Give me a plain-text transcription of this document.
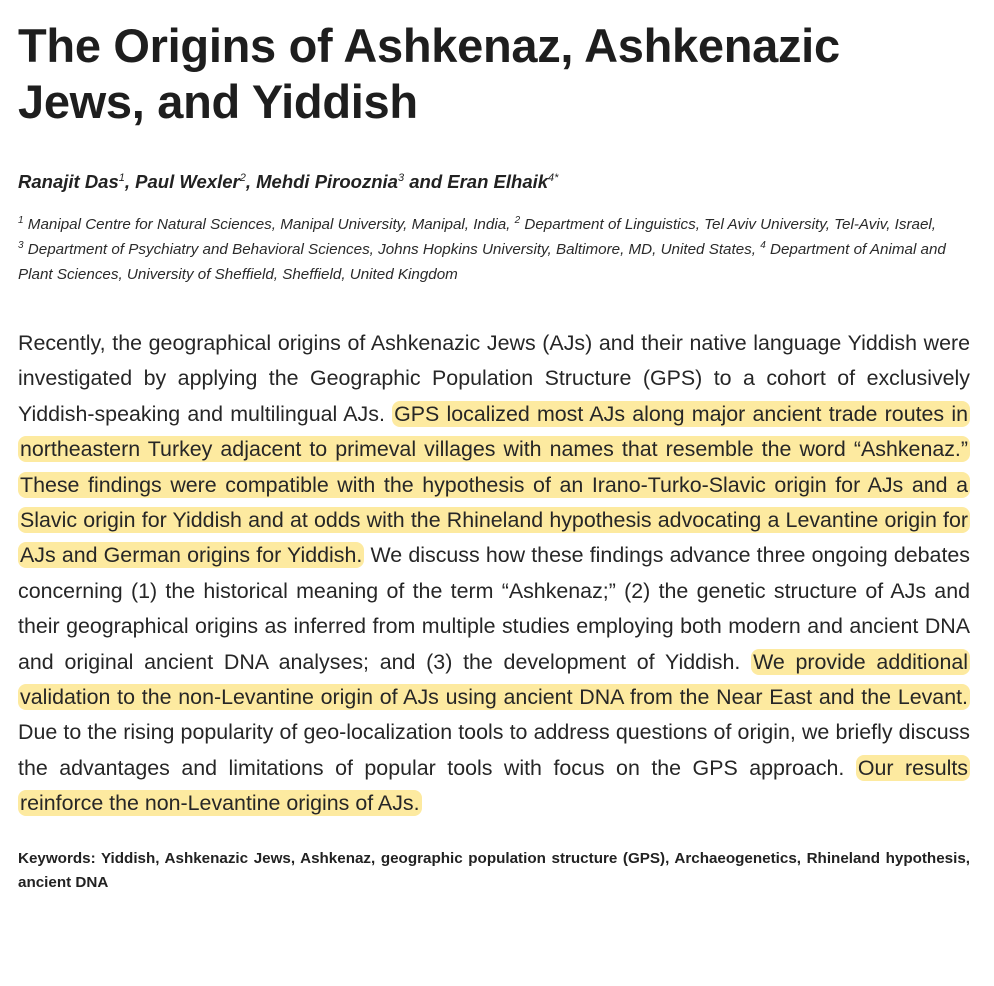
The Origins of Ashkenaz, Ashkenazic Jews, and Yiddish

Ranajit Das$^1$, Paul Wexler$^2$, Mehdi Pirooznia$^3$ and Eran Elhaik$^{4*}$

$^1$ Manipal Centre for Natural Sciences, Manipal University, Manipal, India, $^2$ Department of Linguistics, Tel Aviv University, Tel-Aviv, Israel, $^3$ Department of Psychiatry and Behavioral Sciences, Johns Hopkins University, Baltimore, MD, United States, $^4$ Department of Animal and Plant Sciences, University of Sheffield, Sheffield, United Kingdom

Recently, the geographical origins of Ashkenazic Jews (AJs) and their native language Yiddish were investigated by applying the Geographic Population Structure (GPS) to a cohort of exclusively Yiddish-speaking and multilingual AJs. GPS localized most AJs along major ancient trade routes in northeastern Turkey adjacent to primeval villages with names that resemble the word “Ashkenaz.” These findings were compatible with the hypothesis of an Irano-Turko-Slavic origin for AJs and a Slavic origin for Yiddish and at odds with the Rhineland hypothesis advocating a Levantine origin for AJs and German origins for Yiddish. We discuss how these findings advance three ongoing debates concerning (1) the historical meaning of the term “Ashkenaz;” (2) the genetic structure of AJs and their geographical origins as inferred from multiple studies employing both modern and ancient DNA and original ancient DNA analyses; and (3) the development of Yiddish. We provide additional validation to the non-Levantine origin of AJs using ancient DNA from the Near East and the Levant. Due to the rising popularity of geo-localization tools to address questions of origin, we briefly discuss the advantages and limitations of popular tools with focus on the GPS approach. Our results reinforce the non-Levantine origins of AJs.

Keywords: Yiddish, Ashkenazic Jews, Ashkenaz, geographic population structure (GPS), Archaeogenetics, Rhineland hypothesis, ancient DNA
